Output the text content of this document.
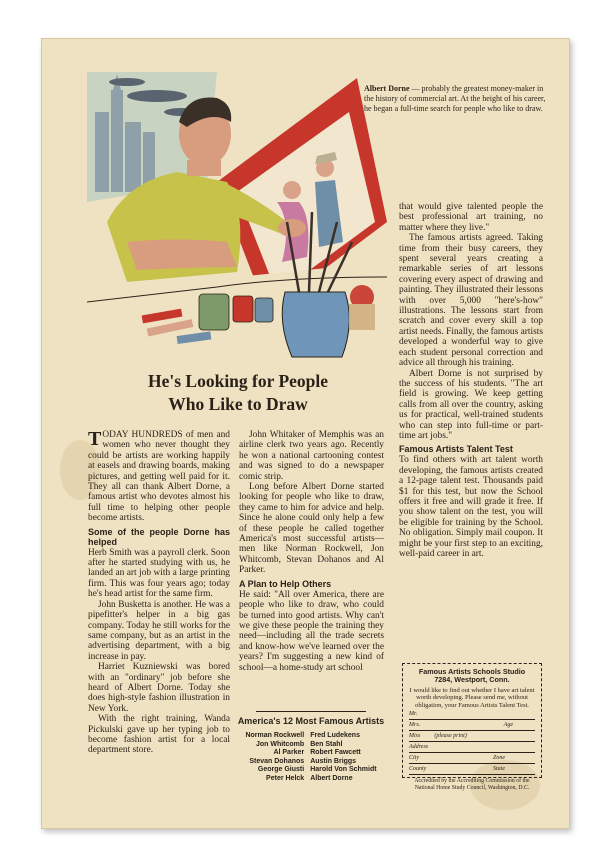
Albert Dorne — probably the greatest money-maker in the history of commercial art. At the height of his career, he began a full-time search for people who like to draw.
He's Looking for People
Who Like to Draw

TODAY HUNDREDS of men and women who never thought they could be artists are working happily at easels and drawing boards, making pictures, and getting well paid for it. They all can thank Albert Dorne, a famous artist who devotes almost his full time to helping other people become artists.

Some of the people Dorne has helped

Herb Smith was a payroll clerk. Soon after he started studying with us, he landed an art job with a large printing firm. This was four years ago; today he's head artist for the same firm.

John Busketta is another. He was a pipefitter's helper in a big gas company. Today he still works for the same company, but as an artist in the advertising department, with a big increase in pay.

Harriet Kuzniewski was bored with an "ordinary" job before she heard of Albert Dorne. Today she does high-style fashion illustration in New York.

With the right training, Wanda Pickulski gave up her typing job to become fashion artist for a local department store.

John Whitaker of Memphis was an airline clerk two years ago. Recently he won a national cartooning contest and was signed to do a newspaper comic strip.

Long before Albert Dorne started looking for people who like to draw, they came to him for advice and help. Since he alone could only help a few of these people he called together America's most successful artists—men like Norman Rockwell, Jon Whitcomb, Stevan Dohanos and Al Parker.

A Plan to Help Others

He said: "All over America, there are people who like to draw, who could be turned into good artists. Why can't we give these people the training they need—including all the trade secrets and know-how we've learned over the years? I'm suggesting a new kind of school—a home-study art school

that would give talented people the best professional art training, no matter where they live."

The famous artists agreed. Taking time from their busy careers, they spent several years creating a remarkable series of art lessons covering every aspect of drawing and painting. They illustrated their lessons with over 5,000 "here's-how" illustrations. The lessons start from scratch and cover every skill a top artist needs. Finally, the famous artists developed a wonderful way to give each student personal correction and advice all through his training.

Albert Dorne is not surprised by the success of his students. "The art field is growing. We keep getting calls from all over the country, asking us for practical, well-trained students who can step into full-time or part-time art jobs."

Famous Artists Talent Test

To find others with art talent worth developing, the famous artists created a 12-page talent test. Thousands paid $1 for this test, but now the School offers it free and will grade it free. If you show talent on the test, you will be eligible for training by the School. No obligation. Simply mail coupon. It might be your first step to an exciting, well-paid career in art.

America's 12 Most Famous Artists
Norman Rockwell	Fred Ludekens
Jon Whitcomb	Ben Stahl
Al Parker	Robert Fawcett
Stevan Dohanos	Austin Briggs
George Giusti	Harold Von Schmidt
Peter Helck	Albert Dorne
Famous Artists Schools Studio 7284, Westport, Conn.
I would like to find out whether I have art talent worth developing. Please send me, without obligation, your Famous Artists Talent Test.
Mr.
Mrs.	Age
Miss (please print)
Address
City	Zone
County	State
Accredited by the Accrediting Commission of the National Home Study Council, Washington, D.C.
